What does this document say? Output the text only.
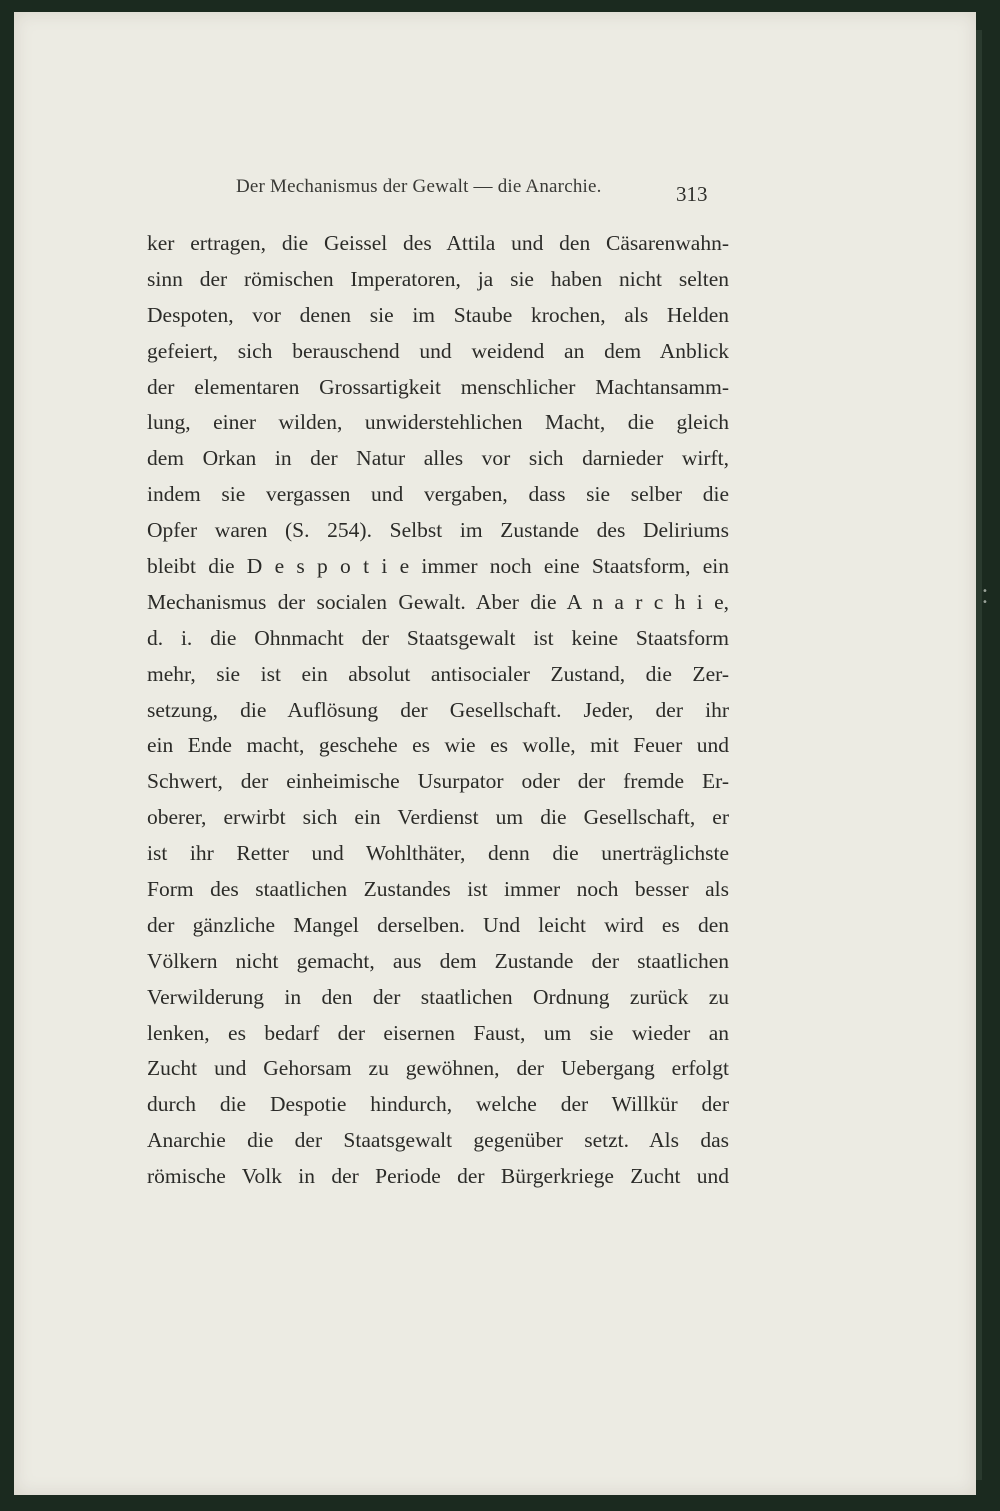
• •
Der Mechanismus der Gewalt — die Anarchie.	313
ker ertragen, die Geissel des Attila und den Cäsarenwahn-
sinn der römischen Imperatoren, ja sie haben nicht selten
Despoten, vor denen sie im Staube krochen, als Helden
gefeiert, sich berauschend und weidend an dem Anblick
der elementaren Grossartigkeit menschlicher Machtansamm-
lung, einer wilden, unwiderstehlichen Macht, die gleich
dem Orkan in der Natur alles vor sich darnieder wirft,
indem sie vergassen und vergaben, dass sie selber die
Opfer waren (S. 254). Selbst im Zustande des Deliriums
bleibt die D e s p o t i e immer noch eine Staatsform, ein
Mechanismus der socialen Gewalt. Aber die A n a r c h i e,
d. i. die Ohnmacht der Staatsgewalt ist keine Staatsform
mehr, sie ist ein absolut antisocialer Zustand, die Zer-
setzung, die Auflösung der Gesellschaft. Jeder, der ihr
ein Ende macht, geschehe es wie es wolle, mit Feuer und
Schwert, der einheimische Usurpator oder der fremde Er-
oberer, erwirbt sich ein Verdienst um die Gesellschaft, er
ist ihr Retter und Wohlthäter, denn die unerträglichste
Form des staatlichen Zustandes ist immer noch besser als
der gänzliche Mangel derselben. Und leicht wird es den
Völkern nicht gemacht, aus dem Zustande der staatlichen
Verwilderung in den der staatlichen Ordnung zurück zu
lenken, es bedarf der eisernen Faust, um sie wieder an
Zucht und Gehorsam zu gewöhnen, der Uebergang erfolgt
durch die Despotie hindurch, welche der Willkür der
Anarchie die der Staatsgewalt gegenüber setzt. Als das
römische Volk in der Periode der Bürgerkriege Zucht und
